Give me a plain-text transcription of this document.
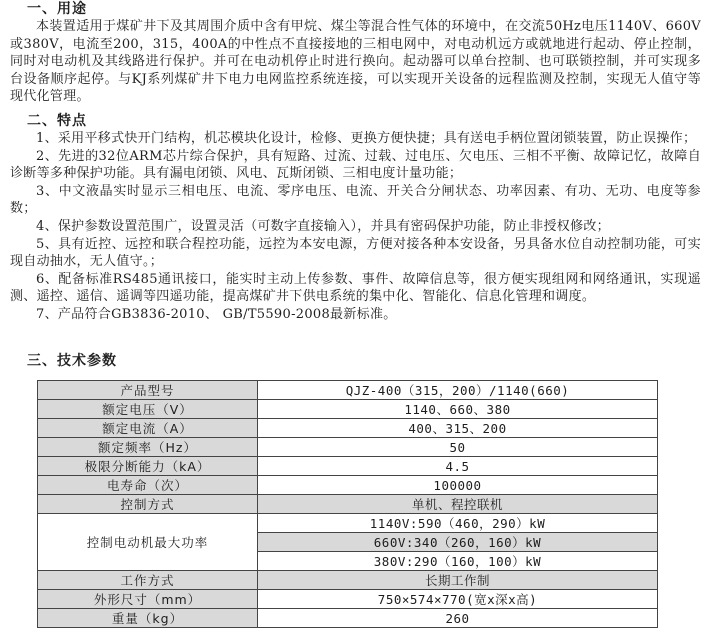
一、用途

本装置适用于煤矿井下及其周围介质中含有甲烷、煤尘等混合性气体的环境中，在交流50Hz电压1140V、660V或380V，电流至200，315，400A的中性点不直接接地的三相电网中，对电动机远方或就地进行起动、停止控制，同时对电动机及其线路进行保护。并可在电动机停止时进行换向。起动器可以单台控制、也可联锁控制，并可实现多台设备顺序起停。与KJ系列煤矿井下电力电网监控系统连接，可以实现开关设备的远程监测及控制，实现无人值守等现代化管理。

二、特点

1、采用平移式快开门结构，机芯模块化设计，检修、更换方便快捷；具有送电手柄位置闭锁装置，防止误操作；

2、先进的32位ARM芯片综合保护，具有短路、过流、过载、过电压、欠电压、三相不平衡、故障记忆，故障自诊断等多种保护功能。具有漏电闭锁、风电、瓦斯闭锁、三相电度计量功能；

3、中文液晶实时显示三相电压、电流、零序电压、电流、开关合分闸状态、功率因素、有功、无功、电度等参数；

4、保护参数设置范围广，设置灵活（可数字直接输入），并具有密码保护功能，防止非授权修改；

5、具有近控、远控和联合程控功能，远控为本安电源，方便对接各种本安设备，另具备水位自动控制功能，可实现自动抽水，无人值守。；

6、配备标准RS485通讯接口，能实时主动上传参数、事件、故障信息等，很方便实现组网和网络通讯，实现遥测、遥控、遥信、遥调等四遥功能，提高煤矿井下供电系统的集中化、智能化、信息化管理和调度。

7、产品符合GB3836-2010、 GB/T5590-2008最新标准。

三、技术参数
产品型号	QJZ-400（315，200）/1140(660)
额定电压（V）	1140、660、380
额定电流（A）	400、315、200
额定频率（Hz）	50
极限分断能力（kA）	4.5
电寿命（次）	100000
控制方式	单机、程控联机
控制电动机最大功率	1140V:590（460，290）kW
	660V:340（260，160）kW
	380V:290（160，100）kW
工作方式	长期工作制
外形尺寸（mm）	750×574×770(宽x深x高)
重量（kg）	260
